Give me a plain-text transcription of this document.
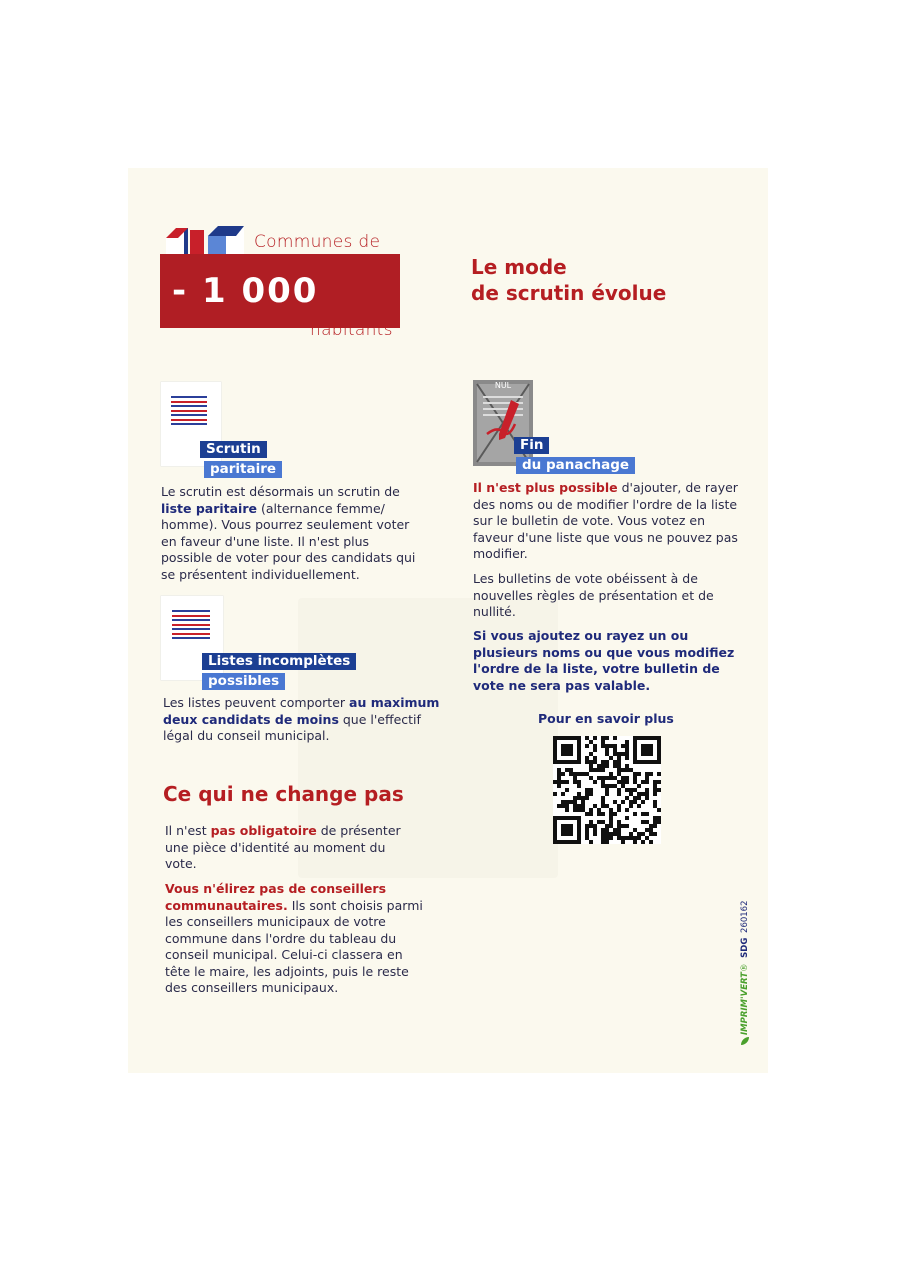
Communes de
- 1 000
habitants
Le mode
de scrutin évolue
Scrutin
paritaire
Le scrutin est désormais un scrutin de liste paritaire (alternance femme/ homme). Vous pourrez seulement voter en faveur d'une liste. Il n'est plus possible de voter pour des candidats qui se présentent individuellement.
Listes incomplètes
possibles
Les listes peuvent comporter au maximum deux candidats de moins que l'effectif légal du conseil municipal.
Ce qui ne change pas
Il n'est pas obligatoire de présenter une pièce d'identité au moment du vote.
Vous n'élirez pas de conseillers communautaires. Ils sont choisis parmi les conseillers municipaux de votre commune dans l'ordre du tableau du conseil municipal. Celui-ci classera en tête le maire, les adjoints, puis le reste des conseillers municipaux.
NUL
Fin
du panachage
Il n'est plus possible d'ajouter, de rayer des noms ou de modifier l'ordre de la liste sur le bulletin de vote. Vous votez en faveur d'une liste que vous ne pouvez pas modifier.
Les bulletins de vote obéissent à de nouvelles règles de présentation et de nullité.
Si vous ajoutez ou rayez un ou plusieurs noms ou que vous modifiez l'ordre de la liste, votre bulletin de vote ne sera pas valable.
Pour en savoir plus
IMPRIM'VERT® SDG 260162
